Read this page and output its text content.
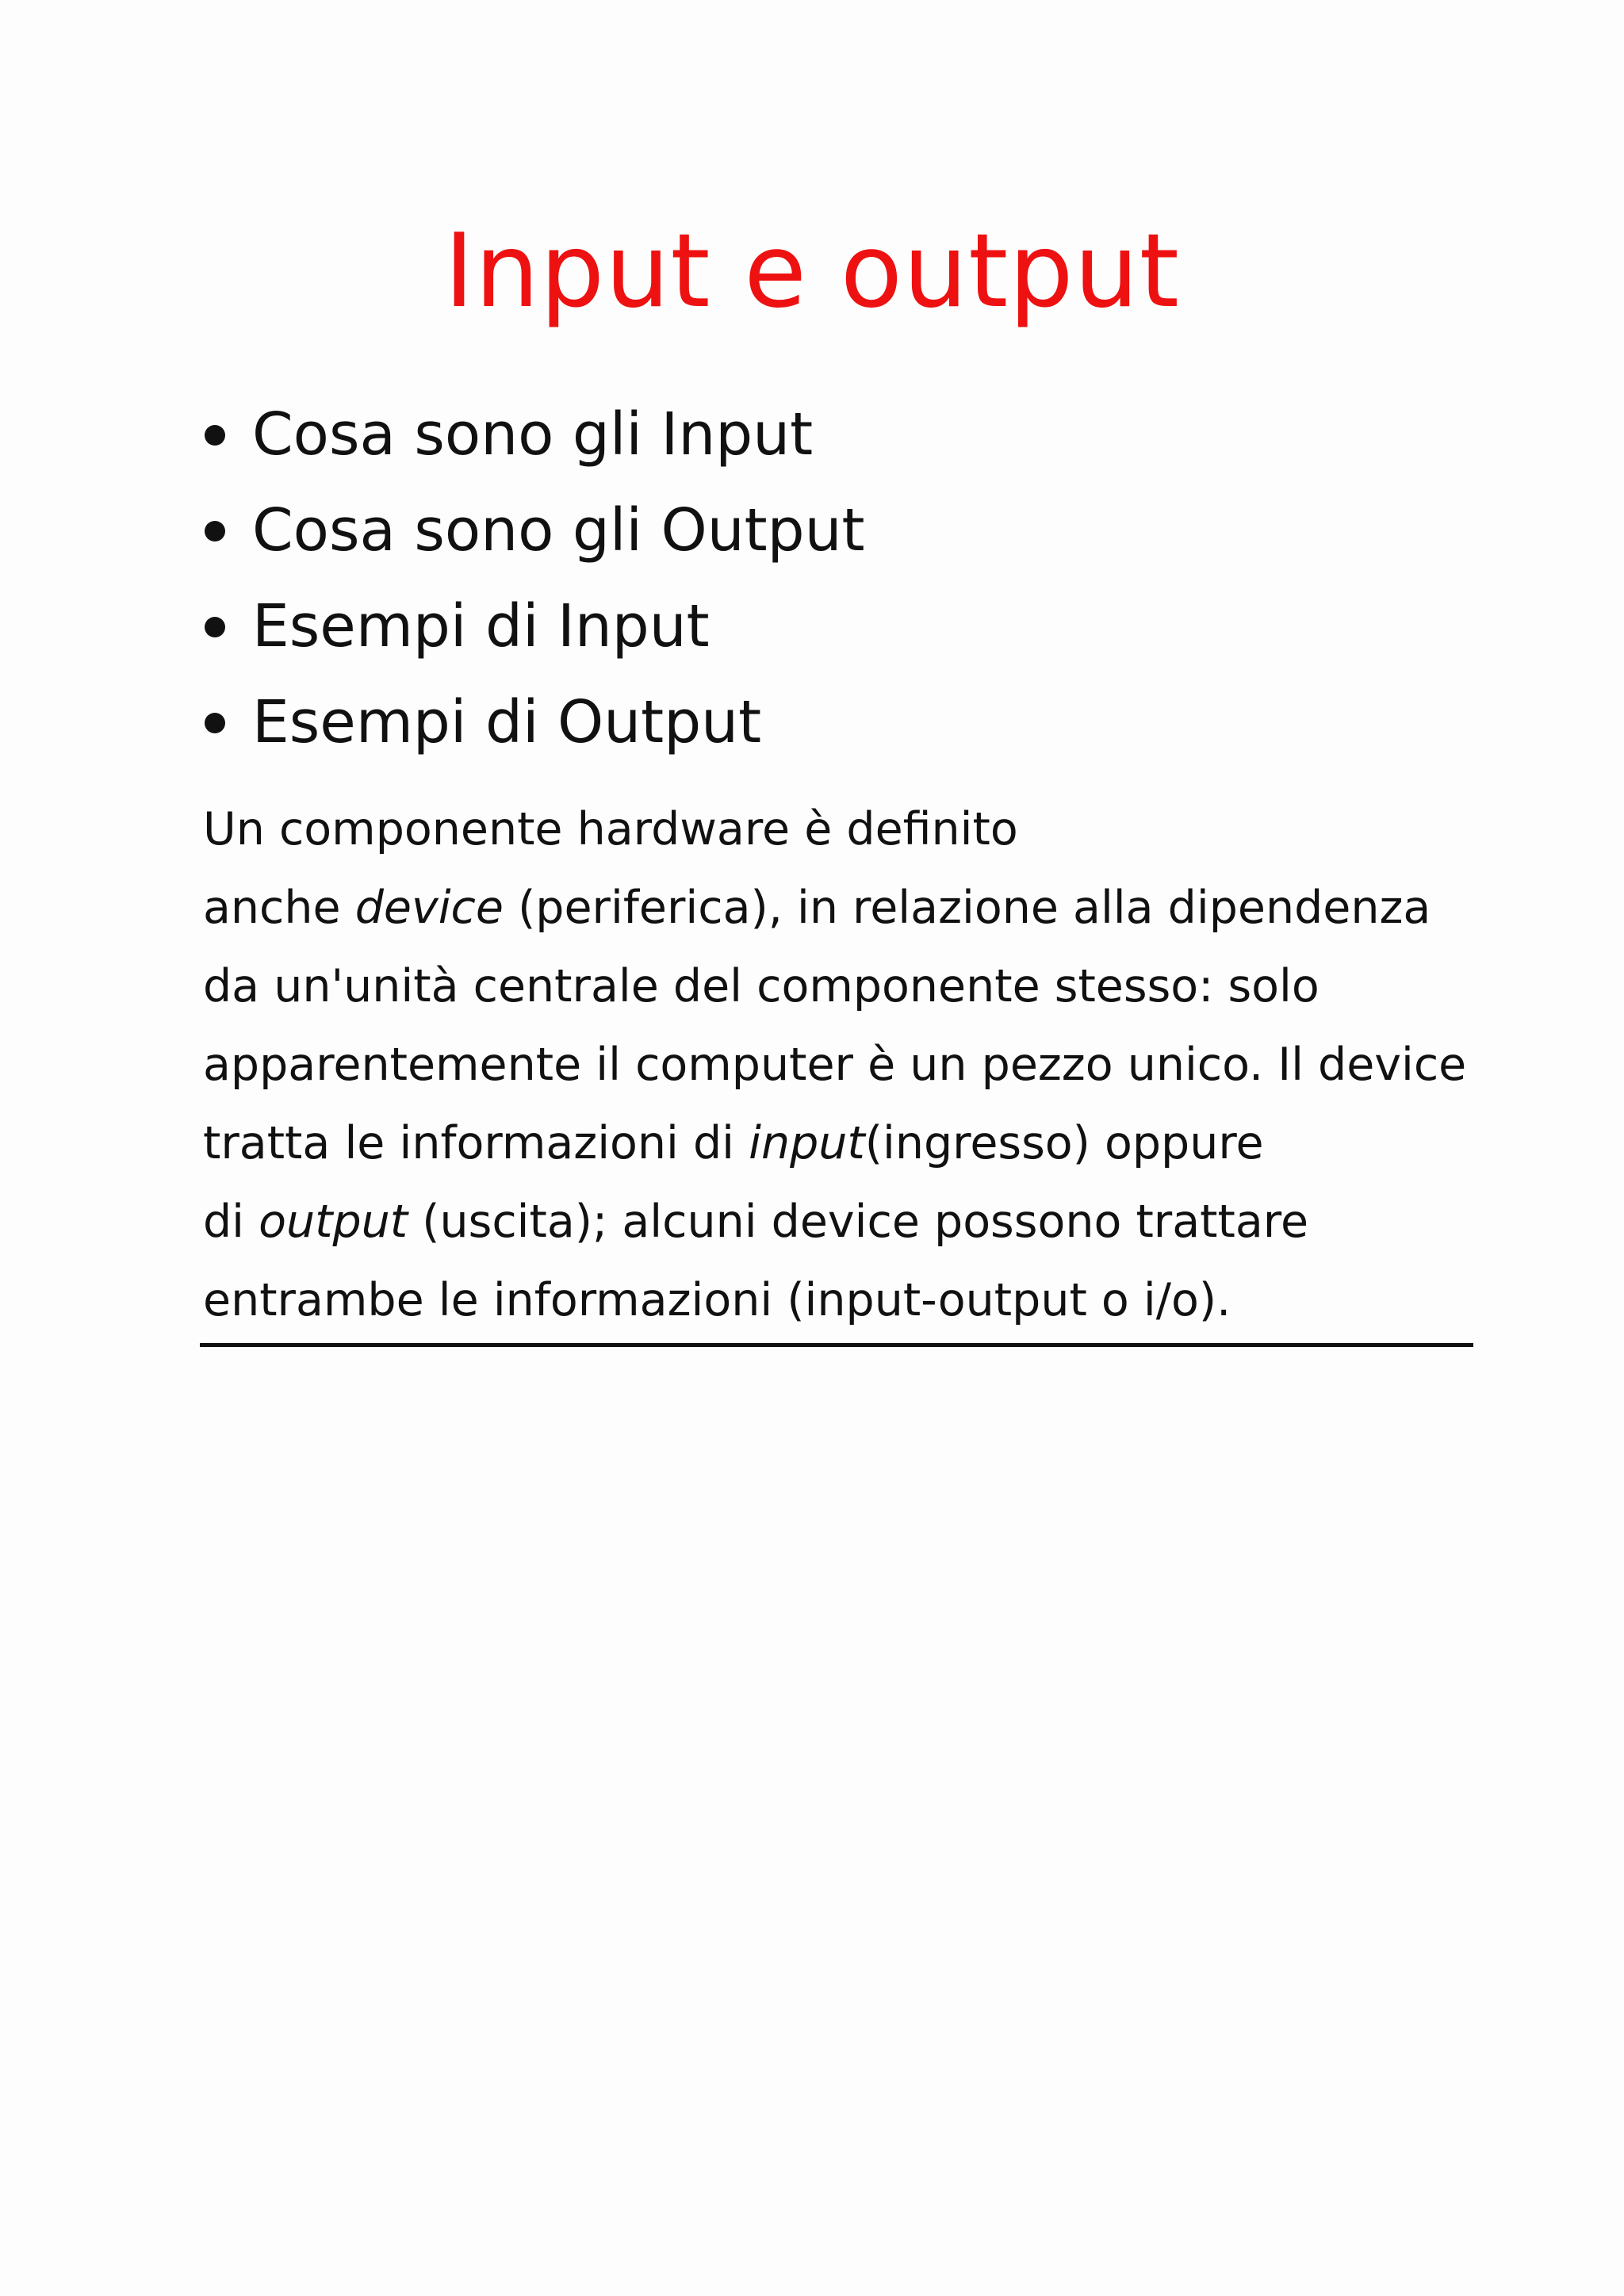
Input e output
Cosa sono gli Input
Cosa sono gli Output
Esempi di Input
Esempi di Output
Un componente hardware è definito
anche device (periferica), in relazione alla dipendenza
da un'unità centrale del componente stesso: solo
apparentemente il computer è un pezzo unico. Il device
tratta le informazioni di input(ingresso) oppure
di output (uscita); alcuni device possono trattare
entrambe le informazioni (input-output o i/o).
